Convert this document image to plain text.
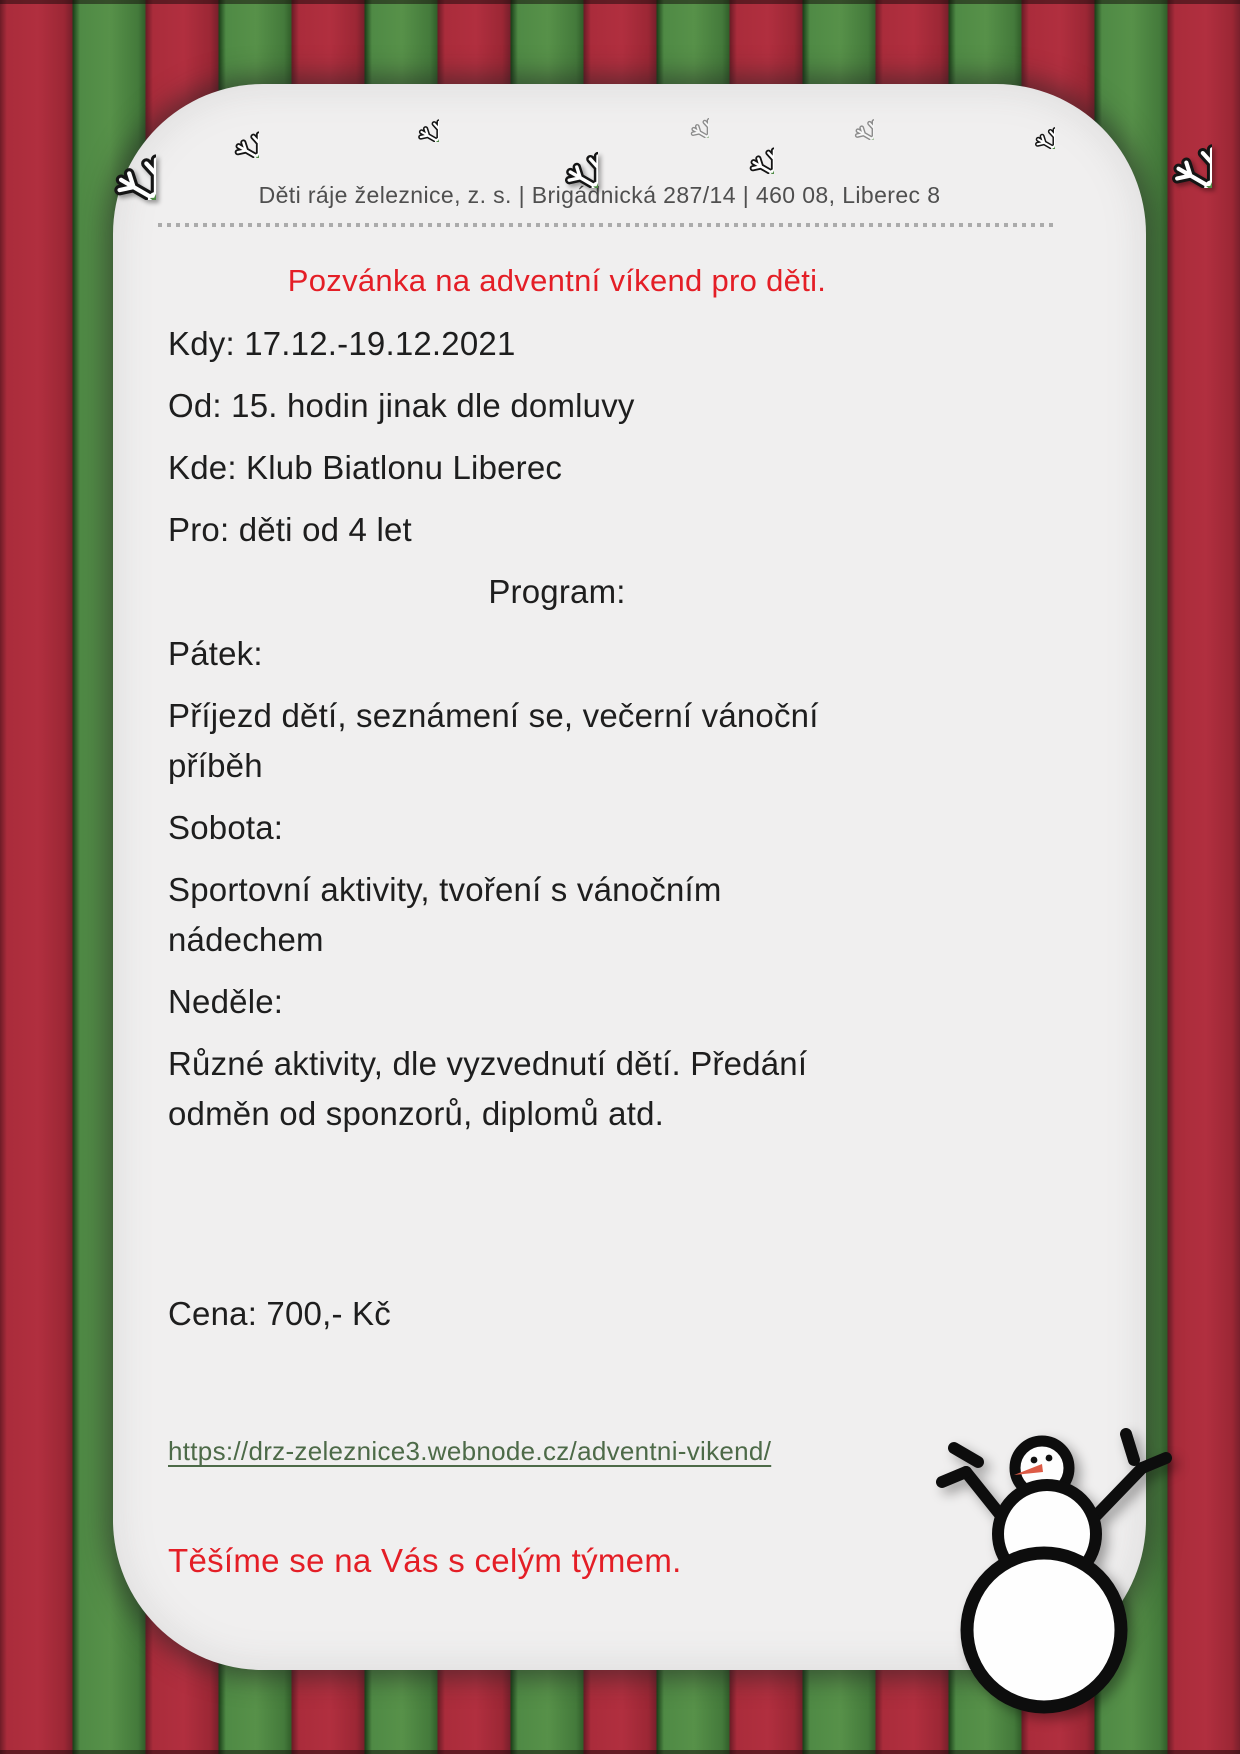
Děti ráje železnice, z. s. | Brigádnická 287/14 | 460 08, Liberec 8
Pozvánka na adventní víkend pro děti.

Kdy: 17.12.-19.12.2021

Od: 15. hodin jinak dle domluvy

Kde: Klub Biatlonu Liberec

Pro: děti od 4 let

Program:

Pátek:

Příjezd dětí, seznámení se, večerní vánoční
příběh

Sobota:

Sportovní aktivity, tvoření s vánočním
nádechem

Neděle:

Různé aktivity, dle vyzvednutí dětí. Předání
odměn od sponzorů, diplomů atd.

Cena: 700,- Kč

https://drz-zeleznice3.webnode.cz/adventni-vikend/

Těšíme se na Vás s celým týmem.
